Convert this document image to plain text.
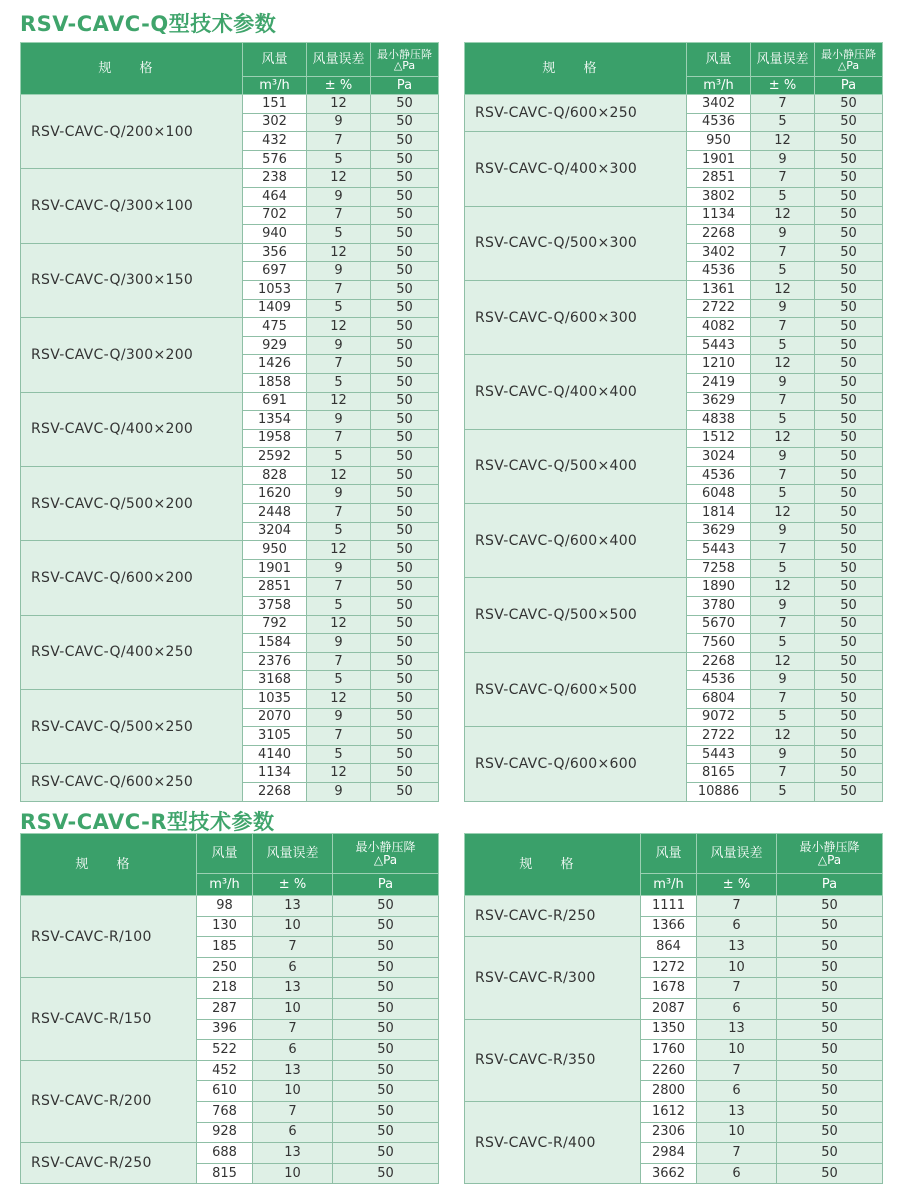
RSV-CAVC-Q型技术参数
规 格	风量	风量误差	最小静压降
△Pa
	m³/h	± %	Pa
RSV-CAVC-Q/200×100	151	12	50
	302	9	50
	432	7	50
	576	5	50
RSV-CAVC-Q/300×100	238	12	50
	464	9	50
	702	7	50
	940	5	50
RSV-CAVC-Q/300×150	356	12	50
	697	9	50
	1053	7	50
	1409	5	50
RSV-CAVC-Q/300×200	475	12	50
	929	9	50
	1426	7	50
	1858	5	50
RSV-CAVC-Q/400×200	691	12	50
	1354	9	50
	1958	7	50
	2592	5	50
RSV-CAVC-Q/500×200	828	12	50
	1620	9	50
	2448	7	50
	3204	5	50
RSV-CAVC-Q/600×200	950	12	50
	1901	9	50
	2851	7	50
	3758	5	50
RSV-CAVC-Q/400×250	792	12	50
	1584	9	50
	2376	7	50
	3168	5	50
RSV-CAVC-Q/500×250	1035	12	50
	2070	9	50
	3105	7	50
	4140	5	50
RSV-CAVC-Q/600×250	1134	12	50
	2268	9	50
规 格	风量	风量误差	最小静压降
△Pa
	m³/h	± %	Pa
RSV-CAVC-Q/600×250	3402	7	50
	4536	5	50
RSV-CAVC-Q/400×300	950	12	50
	1901	9	50
	2851	7	50
	3802	5	50
RSV-CAVC-Q/500×300	1134	12	50
	2268	9	50
	3402	7	50
	4536	5	50
RSV-CAVC-Q/600×300	1361	12	50
	2722	9	50
	4082	7	50
	5443	5	50
RSV-CAVC-Q/400×400	1210	12	50
	2419	9	50
	3629	7	50
	4838	5	50
RSV-CAVC-Q/500×400	1512	12	50
	3024	9	50
	4536	7	50
	6048	5	50
RSV-CAVC-Q/600×400	1814	12	50
	3629	9	50
	5443	7	50
	7258	5	50
RSV-CAVC-Q/500×500	1890	12	50
	3780	9	50
	5670	7	50
	7560	5	50
RSV-CAVC-Q/600×500	2268	12	50
	4536	9	50
	6804	7	50
	9072	5	50
RSV-CAVC-Q/600×600	2722	12	50
	5443	9	50
	8165	7	50
	10886	5	50
RSV-CAVC-R型技术参数
规 格	风量	风量误差	最小静压降
△Pa
	m³/h	± %	Pa
RSV-CAVC-R/100	98	13	50
	130	10	50
	185	7	50
	250	6	50
RSV-CAVC-R/150	218	13	50
	287	10	50
	396	7	50
	522	6	50
RSV-CAVC-R/200	452	13	50
	610	10	50
	768	7	50
	928	6	50
RSV-CAVC-R/250	688	13	50
	815	10	50
规 格	风量	风量误差	最小静压降
△Pa
	m³/h	± %	Pa
RSV-CAVC-R/250	1111	7	50
	1366	6	50
RSV-CAVC-R/300	864	13	50
	1272	10	50
	1678	7	50
	2087	6	50
RSV-CAVC-R/350	1350	13	50
	1760	10	50
	2260	7	50
	2800	6	50
RSV-CAVC-R/400	1612	13	50
	2306	10	50
	2984	7	50
	3662	6	50
